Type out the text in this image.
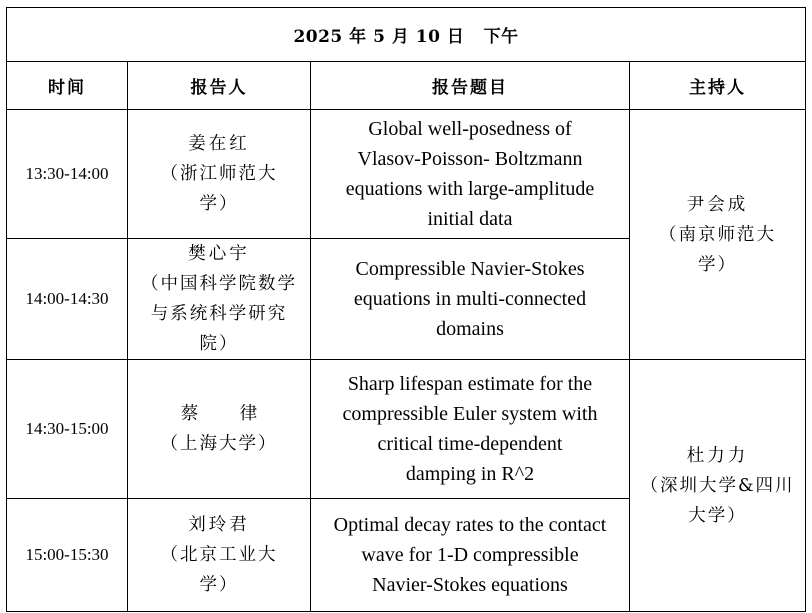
2025 年 5 月 10 日 下午			
时间	报告人	报告题目	主持人
13:30-14:00	姜在红
（浙江师范大
学）	Global well-posedness of
Vlasov-Poisson- Boltzmann
equations with large-amplitude
initial data	尹会成
（南京师范大
学）

14:00-14:30	樊心宇
（中国科学院数学
与系统科学研究
院）	Compressible Navier-Stokes
equations in multi-connected
domains	

14:30-15:00	蔡 律
（上海大学）	Sharp lifespan estimate for the
compressible Euler system with
critical time-dependent
damping in R^2	杜力力
（深圳大学&四川
大学）

15:00-15:30	刘玲君
（北京工业大
学）	Optimal decay rates to the contact
wave for 1-D compressible
Navier-Stokes equations	
